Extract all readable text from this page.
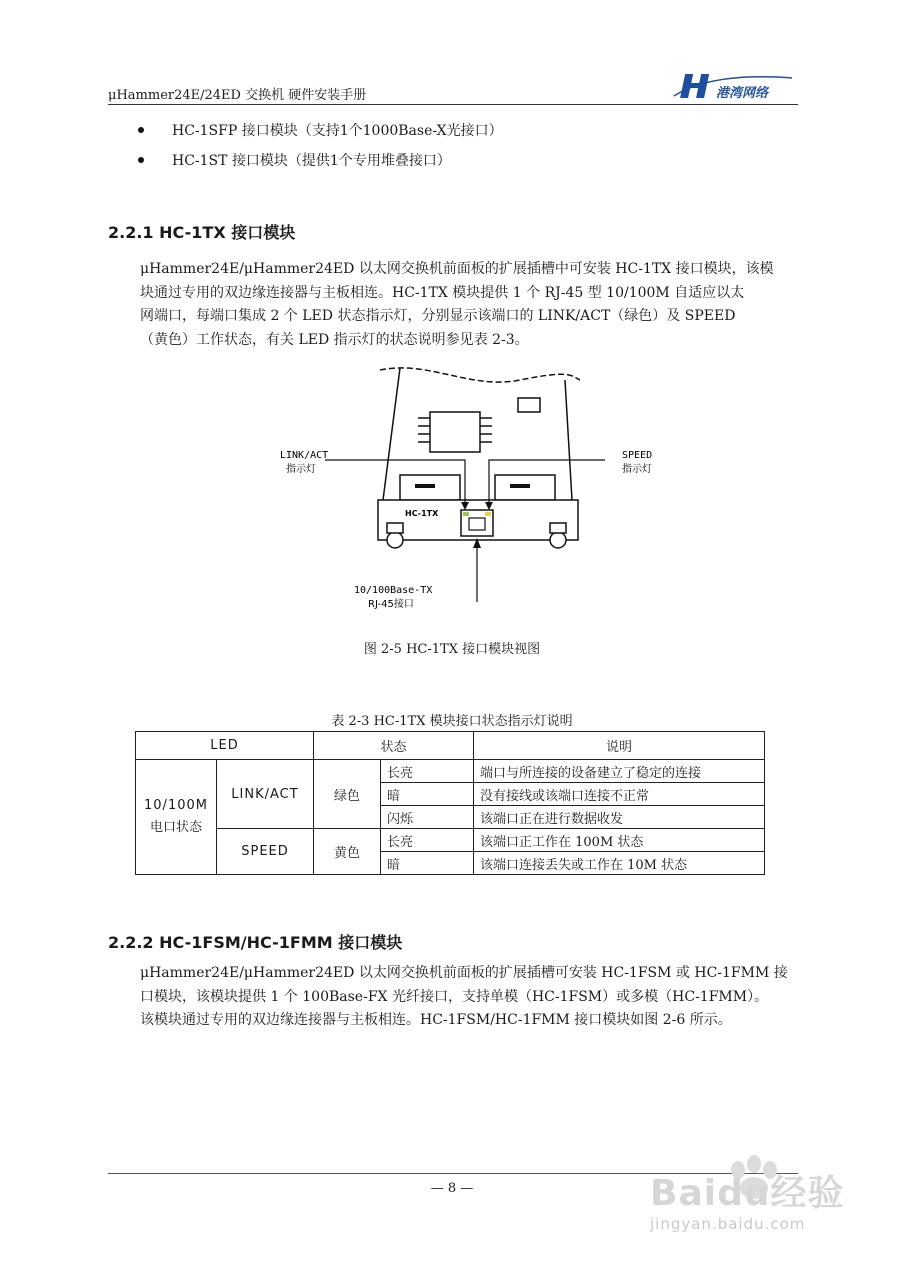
μHammer24E/24ED 交换机 硬件安装手册	港湾网络
HC-1SFP 接口模块（支持1个1000Base-X光接口）
HC-1ST 接口模块（提供1个专用堆叠接口）
2.2.1 HC-1TX 接口模块
μHammer24E/μHammer24ED 以太网交换机前面板的扩展插槽中可安装 HC-1TX 接口模块，该模
块通过专用的双边缘连接器与主板相连。HC-1TX 模块提供 1 个 RJ-45 型 10/100M 自适应以太
网端口，每端口集成 2 个 LED 状态指示灯，分别显示该端口的 LINK/ACT（绿色）及 SPEED
（黄色）工作状态，有关 LED 指示灯的状态说明参见表 2-3。
LINK/ACT
指示灯
SPEED
指示灯
HC-1TX
10/100Base-TX
RJ-45接口
图 2-5 HC-1TX 接口模块视图
表 2-3 HC-1TX 模块接口状态指示灯说明
LED		状态		说明

10/100M
电口状态	LINK/ACT	绿色	长亮	端口与所连接的设备建立了稳定的连接
			暗	没有接线或该端口连接不正常
			闪烁	该端口正在进行数据收发
	SPEED	黄色	长亮	该端口正工作在 100M 状态
			暗	该端口连接丢失或工作在 10M 状态
2.2.2 HC-1FSM/HC-1FMM 接口模块
μHammer24E/μHammer24ED 以太网交换机前面板的扩展插槽可安装 HC-1FSM 或 HC-1FMM 接
口模块，该模块提供 1 个 100Base-FX 光纤接口，支持单模（HC-1FSM）或多模（HC-1FMM）。
该模块通过专用的双边缘连接器与主板相连。HC-1FSM/HC-1FMM 接口模块如图 2-6 所示。
— 8 —	Baidu经验
jingyan.baidu.com
